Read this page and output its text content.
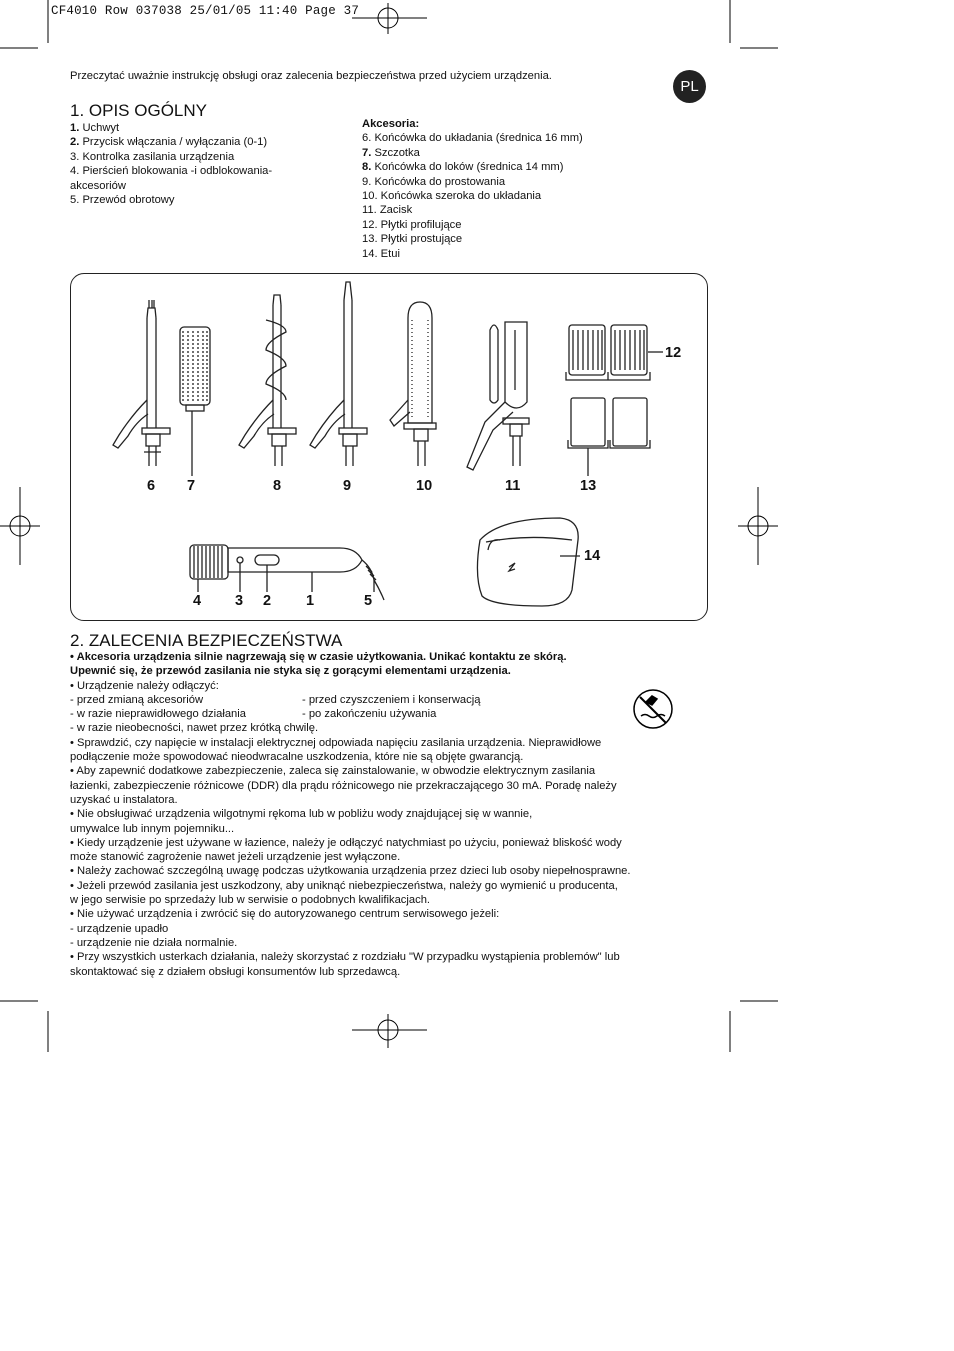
CF4010 Row 037038 25/01/05 11:40 Page 37
Przeczytać uważnie instrukcję obsługi oraz zalecenia bezpieczeństwa przed użyciem urządzenia.
PL
1. OPIS OGÓLNY
1. Uchwyt
2. Przycisk włączania / wyłączania (0-1)
3. Kontrolka zasilania urządzenia
4. Pierścień blokowania -i odblokowania-
akcesoriów
5. Przewód obrotowy
Akcesoria:
6. Końcówka do układania (średnica 16 mm)
7. Szczotka
8. Końcówka do loków (średnica 14 mm)
9. Końcówka do prostowania
10. Końcówka szeroka do układania
11. Zacisk
12. Płytki profilujące
13. Płytki prostujące
14. Etui
6 7	8	9	10	11
12
13
14
4 3 2 1	5
2. ZALECENIA BEZPIECZEŃSTWA
• Akcesoria urządzenia silnie nagrzewają się w czasie użytkowania. Unikać kontaktu ze skórą.
Upewnić się, że przewód zasilania nie styka się z gorącymi elementami urządzenia.
• Urządzenie należy odłączyć:
- przed zmianą akcesoriów
- w razie nieprawidłowego działania
- przed czyszczeniem i konserwacją
- po zakończeniu używania
- w razie nieobecności, nawet przez krótką chwilę.
• Sprawdzić, czy napięcie w instalacji elektrycznej odpowiada napięciu zasilania urządzenia. Nieprawidłowe
podłączenie może spowodować nieodwracalne uszkodzenia, które nie są objęte gwarancją.
• Aby zapewnić dodatkowe zabezpieczenie, zaleca się zainstalowanie, w obwodzie elektrycznym zasilania
łazienki, zabezpieczenie różnicowe (DDR) dla prądu różnicowego nie przekraczającego 30 mA. Poradę należy
uzyskać u instalatora.
• Nie obsługiwać urządzenia wilgotnymi rękoma lub w pobliżu wody znajdującej się w wannie,
umywalce lub innym pojemniku...
• Kiedy urządzenie jest używane w łazience, należy je odłączyć natychmiast po użyciu, ponieważ bliskość wody
może stanowić zagrożenie nawet jeżeli urządzenie jest wyłączone.
• Należy zachować szczególną uwagę podczas użytkowania urządzenia przez dzieci lub osoby niepełnosprawne.
• Jeżeli przewód zasilania jest uszkodzony, aby uniknąć niebezpieczeństwa, należy go wymienić u producenta,
w jego serwisie po sprzedaży lub w serwisie o podobnych kwalifikacjach.
• Nie używać urządzenia i zwrócić się do autoryzowanego centrum serwisowego jeżeli:
- urządzenie upadło
- urządzenie nie działa normalnie.
• Przy wszystkich usterkach działania, należy skorzystać z rozdziału "W przypadku wystąpienia problemów" lub
skontaktować się z działem obsługi konsumentów lub sprzedawcą.
